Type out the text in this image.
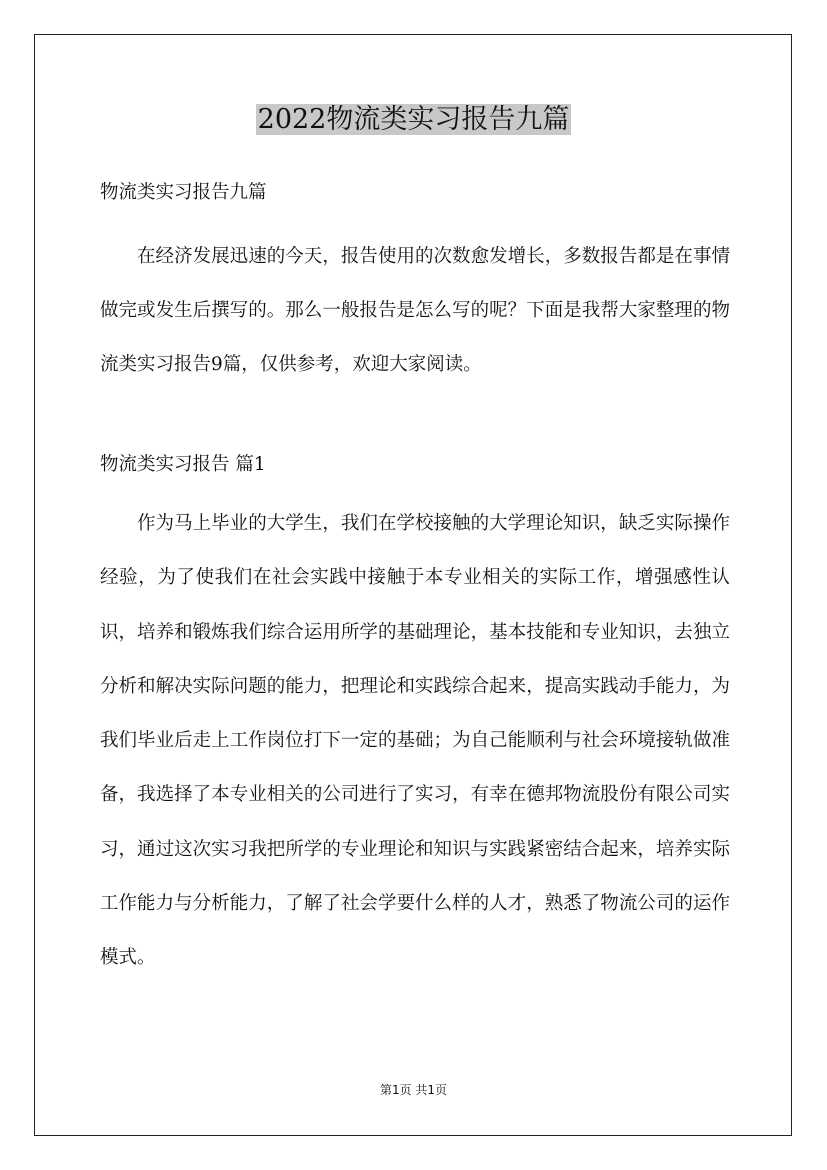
2022物流类实习报告九篇

物流类实习报告九篇

在经济发展迅速的今天，报告使用的次数愈发增长，多数报告都是在事情做完或发生后撰写的。那么一般报告是怎么写的呢？下面是我帮大家整理的物流类实习报告9篇，仅供参考，欢迎大家阅读。

物流类实习报告 篇1

作为马上毕业的大学生，我们在学校接触的大学理论知识，缺乏实际操作经验，为了使我们在社会实践中接触于本专业相关的实际工作，增强感性认识，培养和锻炼我们综合运用所学的基础理论，基本技能和专业知识，去独立分析和解决实际问题的能力，把理论和实践综合起来，提高实践动手能力，为我们毕业后走上工作岗位打下一定的基础；为自己能顺利与社会环境接轨做准备，我选择了本专业相关的公司进行了实习，有幸在德邦物流股份有限公司实习，通过这次实习我把所学的专业理论和知识与实践紧密结合起来，培养实际工作能力与分析能力，了解了社会学要什么样的人才，熟悉了物流公司的运作模式。

第1页 共1页
